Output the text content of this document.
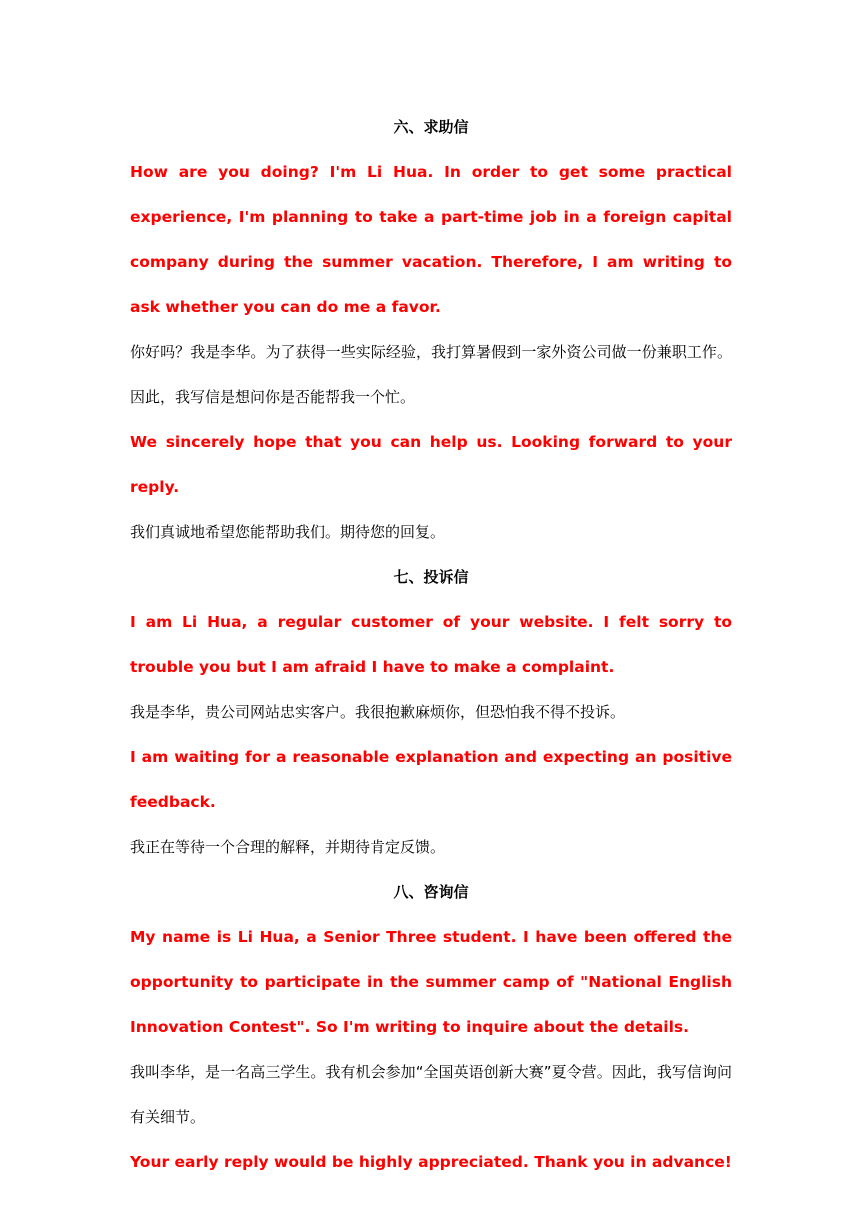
六、求助信

How are you doing? I'm Li Hua. In order to get some practical experience, I'm planning to take a part-time job in a foreign capital company during the summer vacation. Therefore, I am writing to ask whether you can do me a favor.

你好吗？我是李华。为了获得一些实际经验，我打算暑假到一家外资公司做一份兼职工作。因此，我写信是想问你是否能帮我一个忙。

We sincerely hope that you can help us. Looking forward to your reply.

我们真诚地希望您能帮助我们。期待您的回复。

七、投诉信

I am Li Hua, a regular customer of your website. I felt sorry to trouble you but I am afraid I have to make a complaint.

我是李华，贵公司网站忠实客户。我很抱歉麻烦你，但恐怕我不得不投诉。

I am waiting for a reasonable explanation and expecting an positive feedback.

我正在等待一个合理的解释，并期待肯定反馈。

八、咨询信

My name is Li Hua, a Senior Three student. I have been offered the opportunity to participate in the summer camp of "National English Innovation Contest". So I'm writing to inquire about the details.

我叫李华，是一名高三学生。我有机会参加“全国英语创新大赛”夏令营。因此，我写信询问有关细节。

Your early reply would be highly appreciated. Thank you in advance!
